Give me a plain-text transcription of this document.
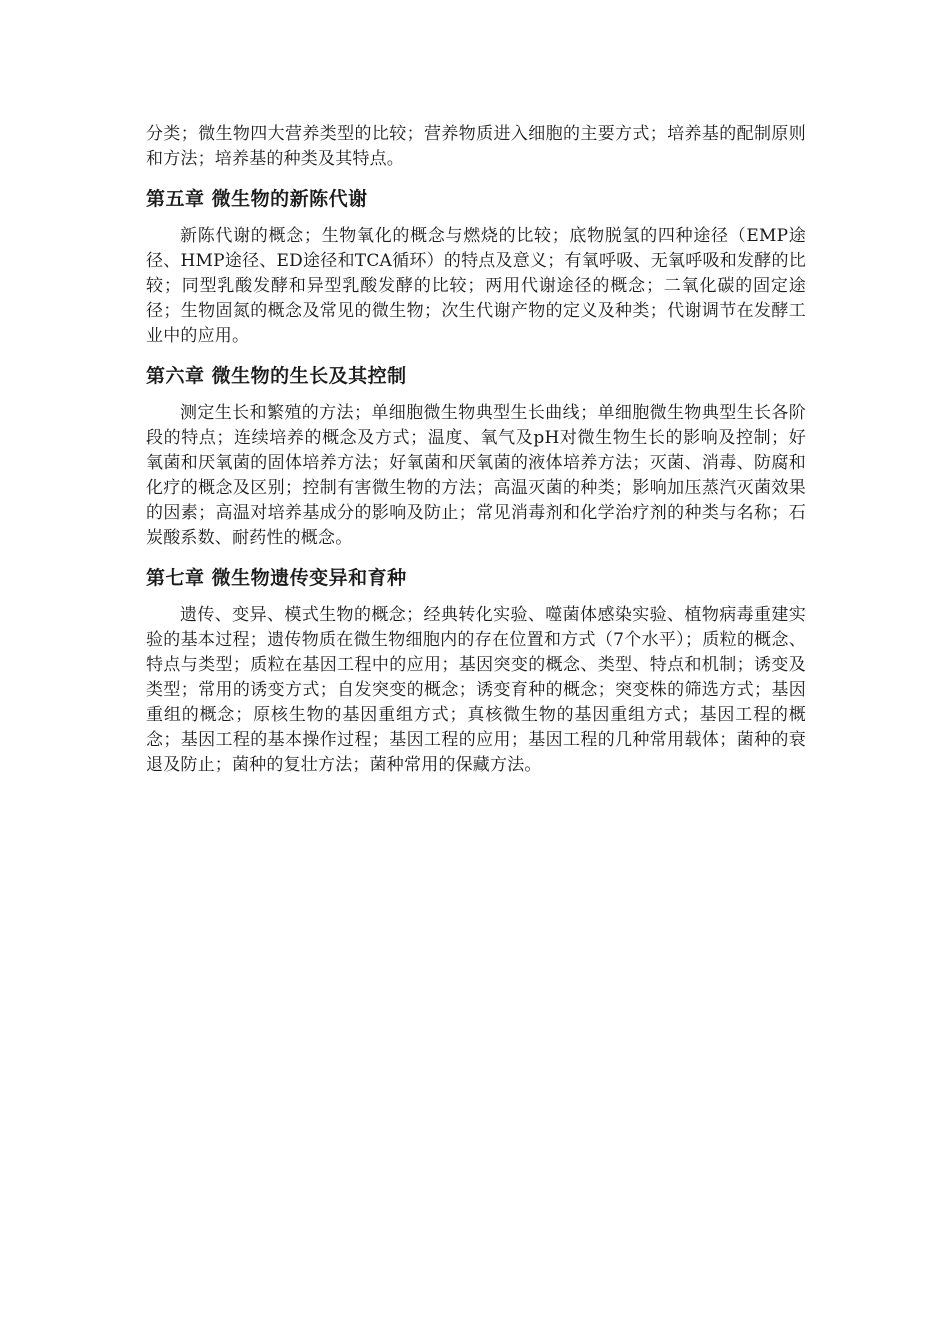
分类；微生物四大营养类型的比较；营养物质进入细胞的主要方式；培养基的配制原则和方法；培养基的种类及其特点。

第五章 微生物的新陈代谢

新陈代谢的概念；生物氧化的概念与燃烧的比较；底物脱氢的四种途径（EMP途径、HMP途径、ED途径和TCA循环）的特点及意义；有氧呼吸、无氧呼吸和发酵的比较；同型乳酸发酵和异型乳酸发酵的比较；两用代谢途径的概念；二氧化碳的固定途径；生物固氮的概念及常见的微生物；次生代谢产物的定义及种类；代谢调节在发酵工业中的应用。

第六章 微生物的生长及其控制

测定生长和繁殖的方法；单细胞微生物典型生长曲线；单细胞微生物典型生长各阶段的特点；连续培养的概念及方式；温度、氧气及pH对微生物生长的影响及控制；好氧菌和厌氧菌的固体培养方法；好氧菌和厌氧菌的液体培养方法；灭菌、消毒、防腐和化疗的概念及区别；控制有害微生物的方法；高温灭菌的种类；影响加压蒸汽灭菌效果的因素；高温对培养基成分的影响及防止；常见消毒剂和化学治疗剂的种类与名称；石炭酸系数、耐药性的概念。

第七章 微生物遗传变异和育种

遗传、变异、模式生物的概念；经典转化实验、噬菌体感染实验、植物病毒重建实验的基本过程；遗传物质在微生物细胞内的存在位置和方式（7个水平）；质粒的概念、特点与类型；质粒在基因工程中的应用；基因突变的概念、类型、特点和机制；诱变及类型；常用的诱变方式；自发突变的概念；诱变育种的概念；突变株的筛选方式；基因重组的概念；原核生物的基因重组方式；真核微生物的基因重组方式；基因工程的概念；基因工程的基本操作过程；基因工程的应用；基因工程的几种常用载体；菌种的衰退及防止；菌种的复壮方法；菌种常用的保藏方法。
